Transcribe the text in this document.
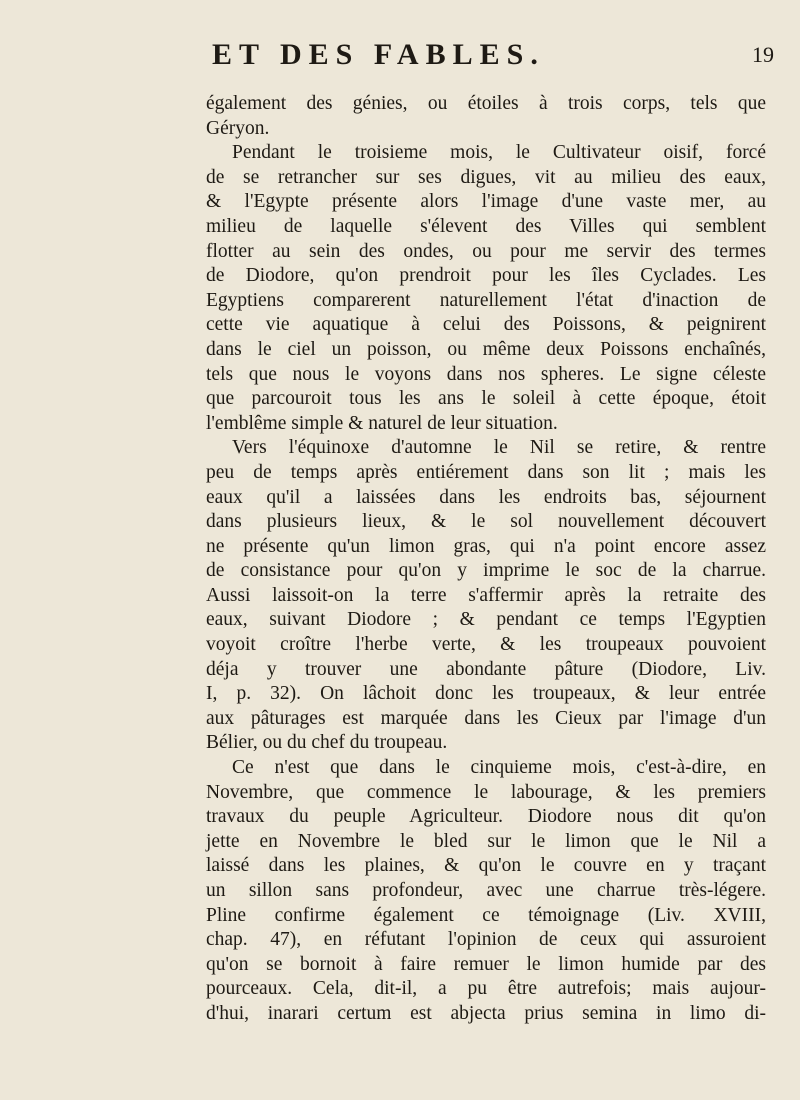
ET DES FABLES.	19
également des génies, ou étoiles à trois corps, tels que
Géryon.
Pendant le troisieme mois, le Cultivateur oisif, forcé
de se retrancher sur ses digues, vit au milieu des eaux,
& l'Egypte présente alors l'image d'une vaste mer, au
milieu de laquelle s'élevent des Villes qui semblent
flotter au sein des ondes, ou pour me servir des termes
de Diodore, qu'on prendroit pour les îles Cyclades. Les
Egyptiens comparerent naturellement l'état d'inaction de
cette vie aquatique à celui des Poissons, & peignirent
dans le ciel un poisson, ou même deux Poissons enchaînés,
tels que nous le voyons dans nos spheres. Le signe céleste
que parcouroit tous les ans le soleil à cette époque, étoit
l'emblême simple & naturel de leur situation.
Vers l'équinoxe d'automne le Nil se retire, & rentre
peu de temps après entiérement dans son lit ; mais les
eaux qu'il a laissées dans les endroits bas, séjournent
dans plusieurs lieux, & le sol nouvellement découvert
ne présente qu'un limon gras, qui n'a point encore assez
de consistance pour qu'on y imprime le soc de la charrue.
Aussi laissoit-on la terre s'affermir après la retraite des
eaux, suivant Diodore ; & pendant ce temps l'Egyptien
voyoit croître l'herbe verte, & les troupeaux pouvoient
déja y trouver une abondante pâture (Diodore, Liv.
I, p. 32). On lâchoit donc les troupeaux, & leur entrée
aux pâturages est marquée dans les Cieux par l'image d'un
Bélier, ou du chef du troupeau.
Ce n'est que dans le cinquieme mois, c'est-à-dire, en
Novembre, que commence le labourage, & les premiers
travaux du peuple Agriculteur. Diodore nous dit qu'on
jette en Novembre le bled sur le limon que le Nil a
laissé dans les plaines, & qu'on le couvre en y traçant
un sillon sans profondeur, avec une charrue très-légere.
Pline confirme également ce témoignage (Liv. XVIII,
chap. 47), en réfutant l'opinion de ceux qui assuroient
qu'on se bornoit à faire remuer le limon humide par des
pourceaux. Cela, dit-il, a pu être autrefois; mais aujour-
d'hui, inarari certum est abjecta prius semina in limo di-
